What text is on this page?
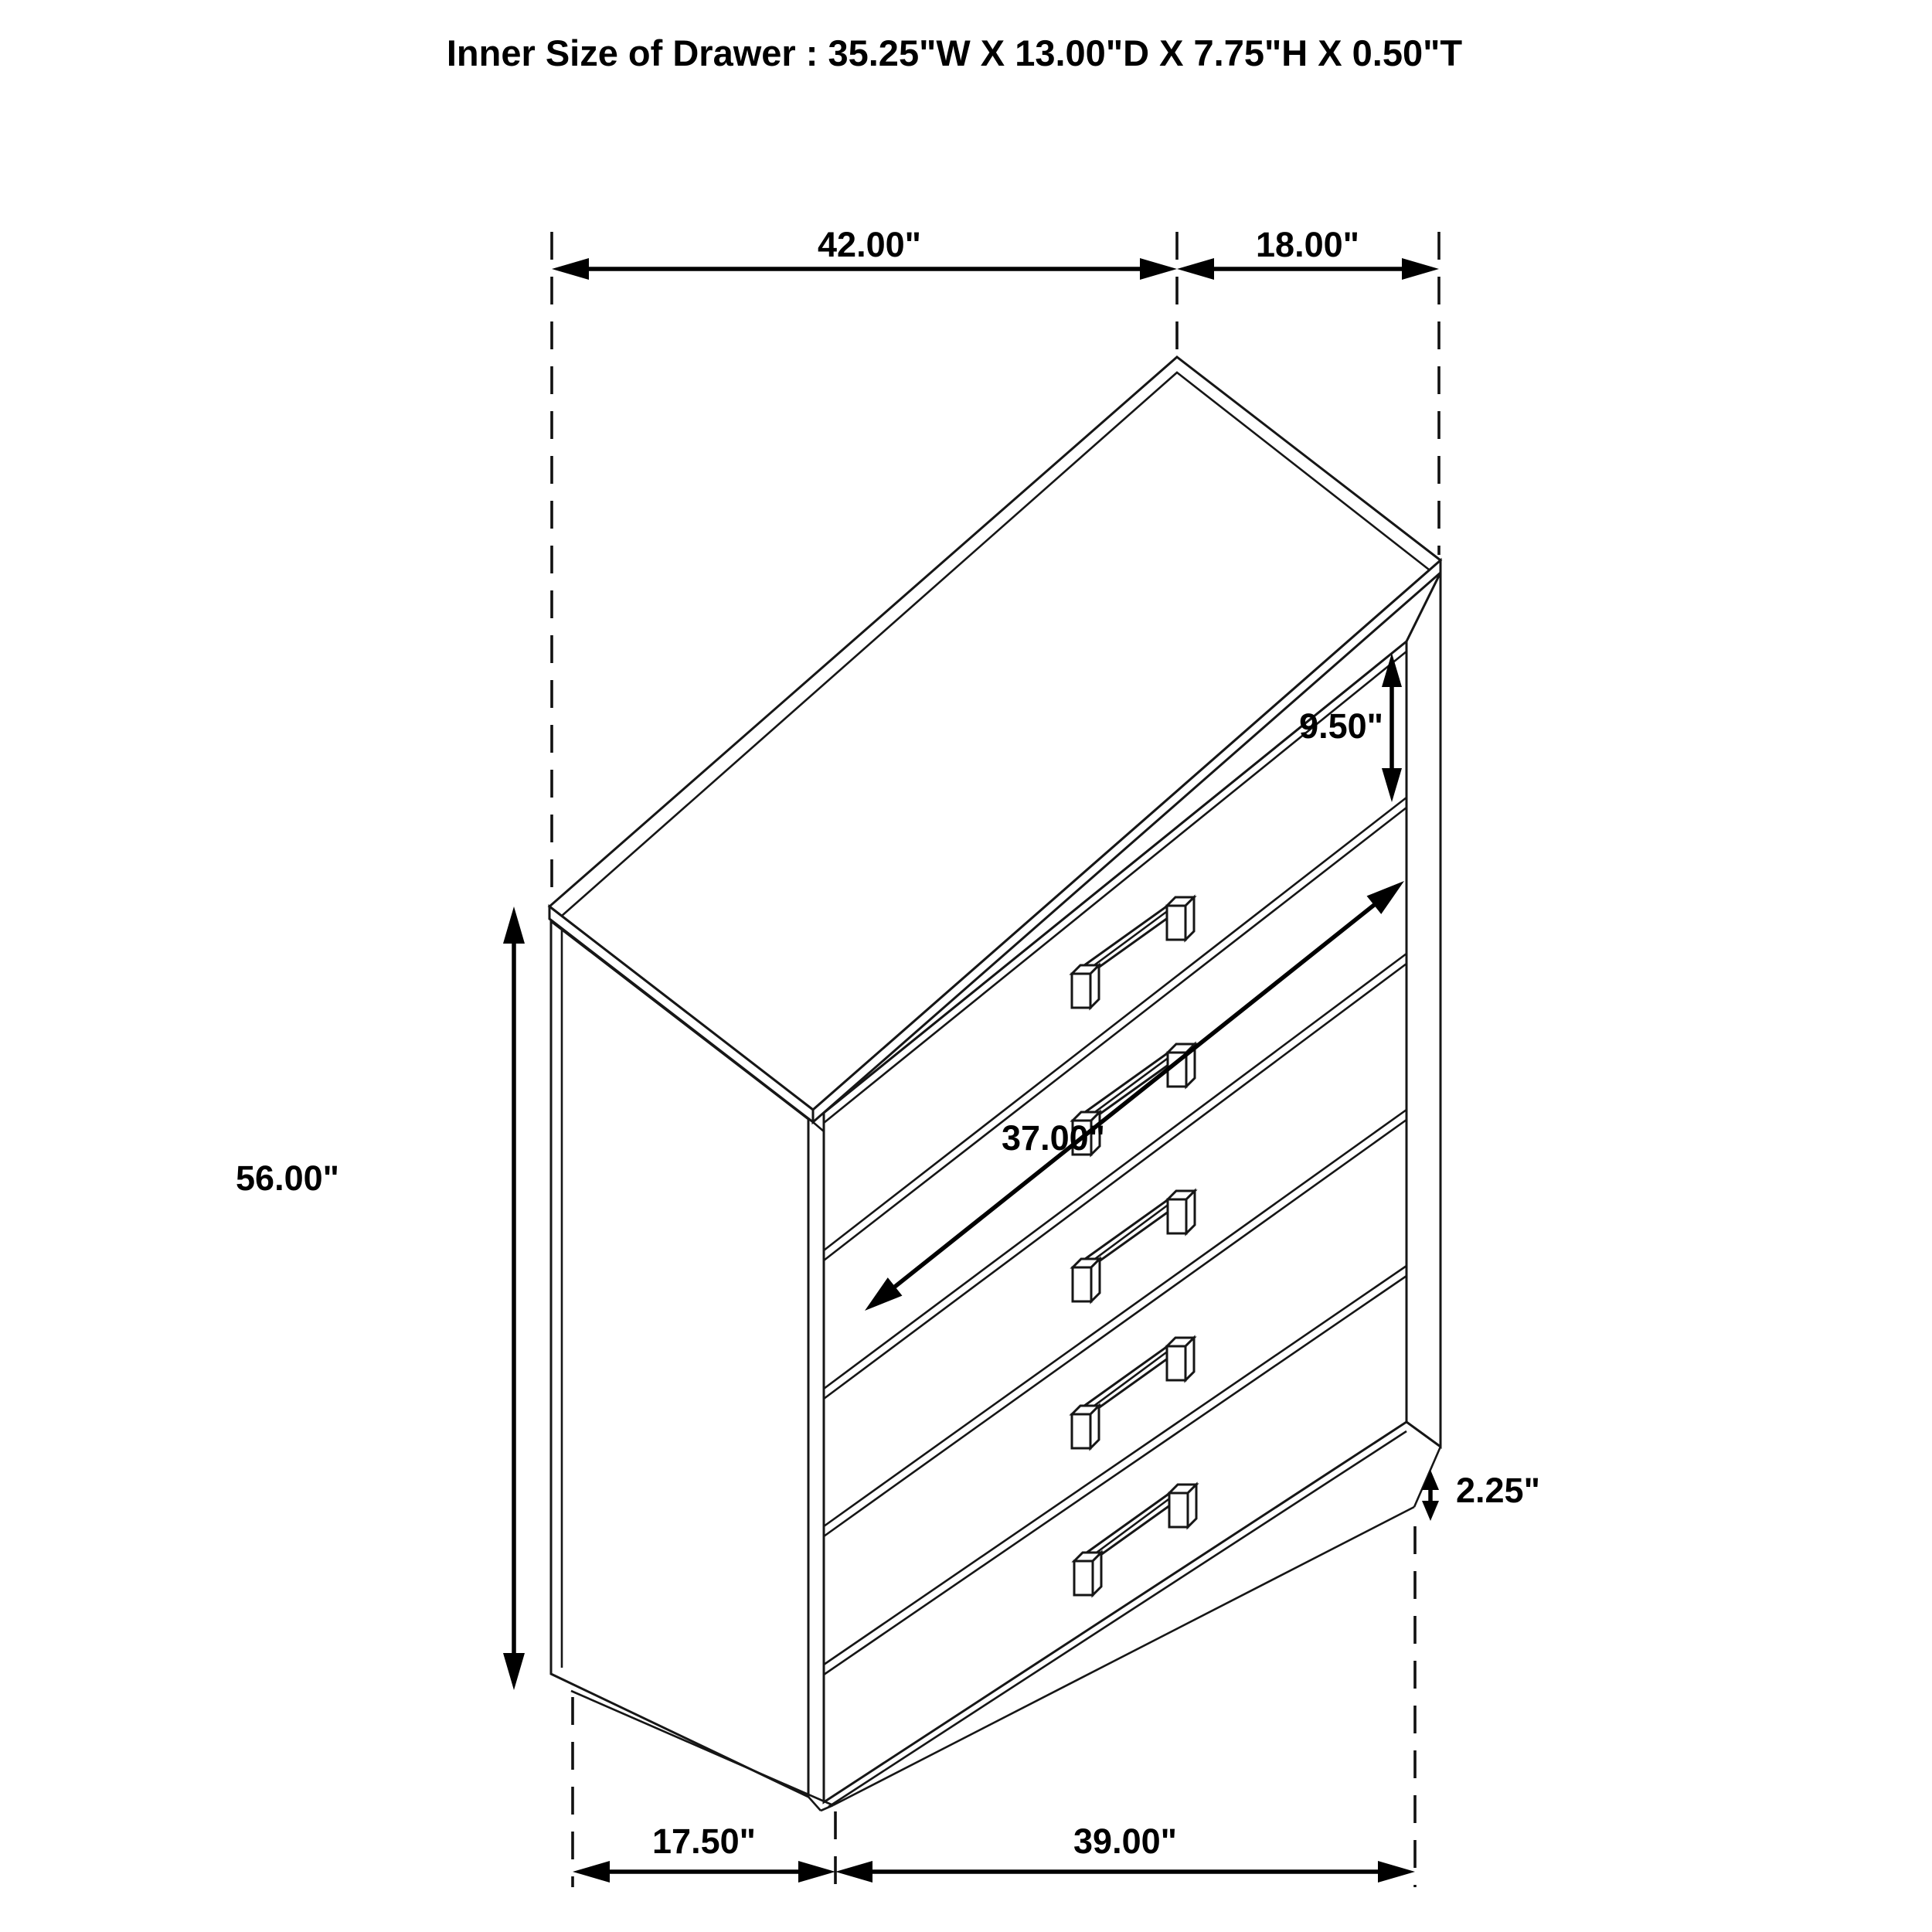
Inner Size of Drawer : 35.25"W X 13.00"D X 7.75"H X 0.50"T
42.00"	18.00"
9.50"
37.00"
56.00"
2.25"
17.50"	39.00"
